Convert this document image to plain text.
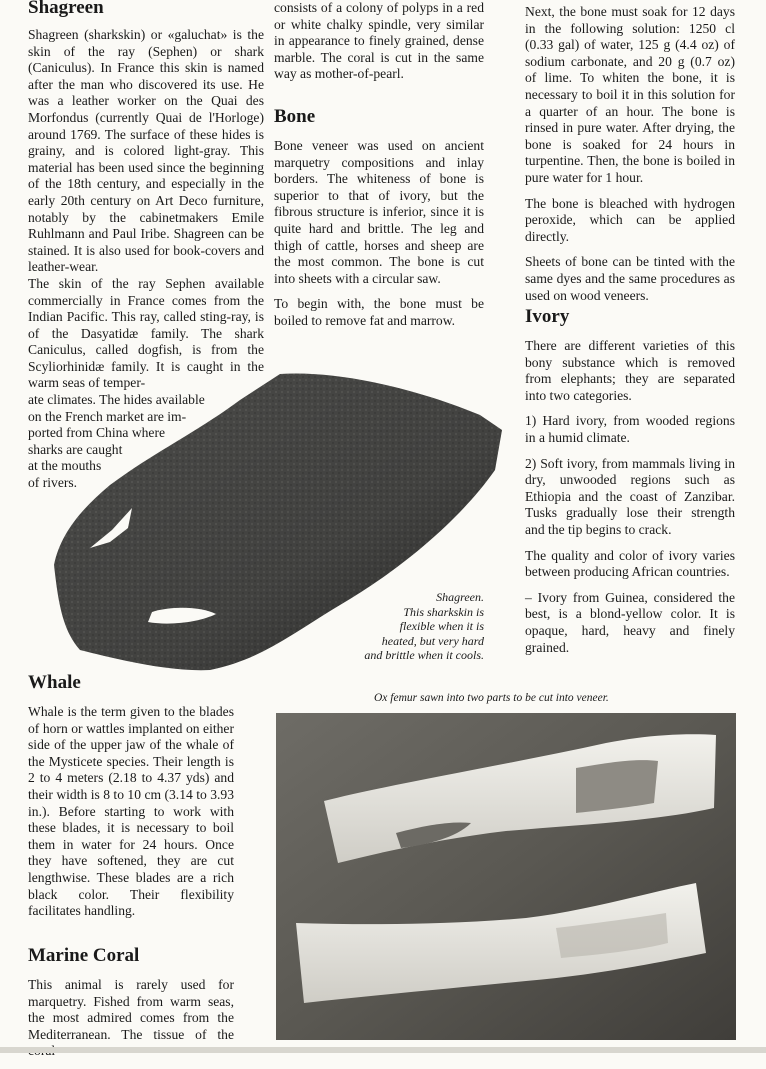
Shagreen

Shagreen (sharkskin) or «galuchat» is the skin of the ray (Sephen) or shark (Caniculus). In France this skin is named after the man who discovered its use. He was a leather worker on the Quai des Morfondus (currently Quai de l'Horloge) around 1769. The surface of these hides is grainy, and is colored light-gray. This material has been used since the beginning of the 18th century, and especially in the early 20th century on Art Deco furniture, notably by the cabinetmakers Emile Ruhlmann and Paul Iribe. Shagreen can be stained. It is also used for book-covers and leather-wear.

The skin of the ray Sephen available commercially in France comes from the Indian Pacific. This ray, called sting-ray, is of the Dasyatidæ family. The shark Caniculus, called dogfish, is from the Scyliorhinidæ family. It is caught in the warm seas of temper-

ate climates. The hides available
on the French market are im-
ported from China where
sharks are caught
at the mouths
of rivers.
Shagreen.
This sharkskin is
flexible when it is
heated, but very hard
and brittle when it cools.
Whale

Whale is the term given to the blades of horn or wattles implanted on either side of the upper jaw of the whale of the Mysticete species. Their length is 2 to 4 meters (2.18 to 4.37 yds) and their width is 8 to 10 cm (3.14 to 3.93 in.). Before starting to work with these blades, it is necessary to boil them in water for 24 hours. Once they have softened, they are cut lengthwise. These blades are a rich black color. Their flexibility facilitates handling.

Marine Coral

This animal is rarely used for marquetry. Fished from warm seas, the most admired comes from the Mediterranean. The tissue of the

consists of a colony of polyps in a red or white chalky spindle, very similar in appearance to finely grained, dense marble. The coral is cut in the same way as mother-of-pearl.

Bone

Bone veneer was used on ancient marquetry compositions and inlay borders. The whiteness of bone is superior to that of ivory, but the fibrous structure is inferior, since it is quite hard and brittle. The leg and thigh of cattle, horses and sheep are the most common. The bone is cut into sheets with a circular saw.

To begin with, the bone must be boiled to remove fat and marrow.

Next, the bone must soak for 12 days in the following solution: 1250 cl (0.33 gal) of water, 125 g (4.4 oz) of sodium carbonate, and 20 g (0.7 oz) of lime. To whiten the bone, it is necessary to boil it in this solution for a quarter of an hour. The bone is rinsed in pure water. After drying, the bone is soaked for 24 hours in turpentine. Then, the bone is boiled in pure water for 1 hour.

The bone is bleached with hydrogen peroxide, which can be applied directly.

Sheets of bone can be tinted with the same dyes and the same procedures as used on wood veneers.

Ivory

There are different varieties of this bony substance which is removed from elephants; they are separated into two categories.

1) Hard ivory, from wooded regions in a humid climate.

2) Soft ivory, from mammals living in dry, unwooded regions such as Ethiopia and the coast of Zanzibar. Tusks gradually lose their strength and the tip begins to crack.

The quality and color of ivory varies between producing African countries.

– Ivory from Guinea, considered the best, is a blond-yellow color. It is opaque, hard, heavy and finely grained.

Ox femur sawn into two parts to be cut into veneer.
